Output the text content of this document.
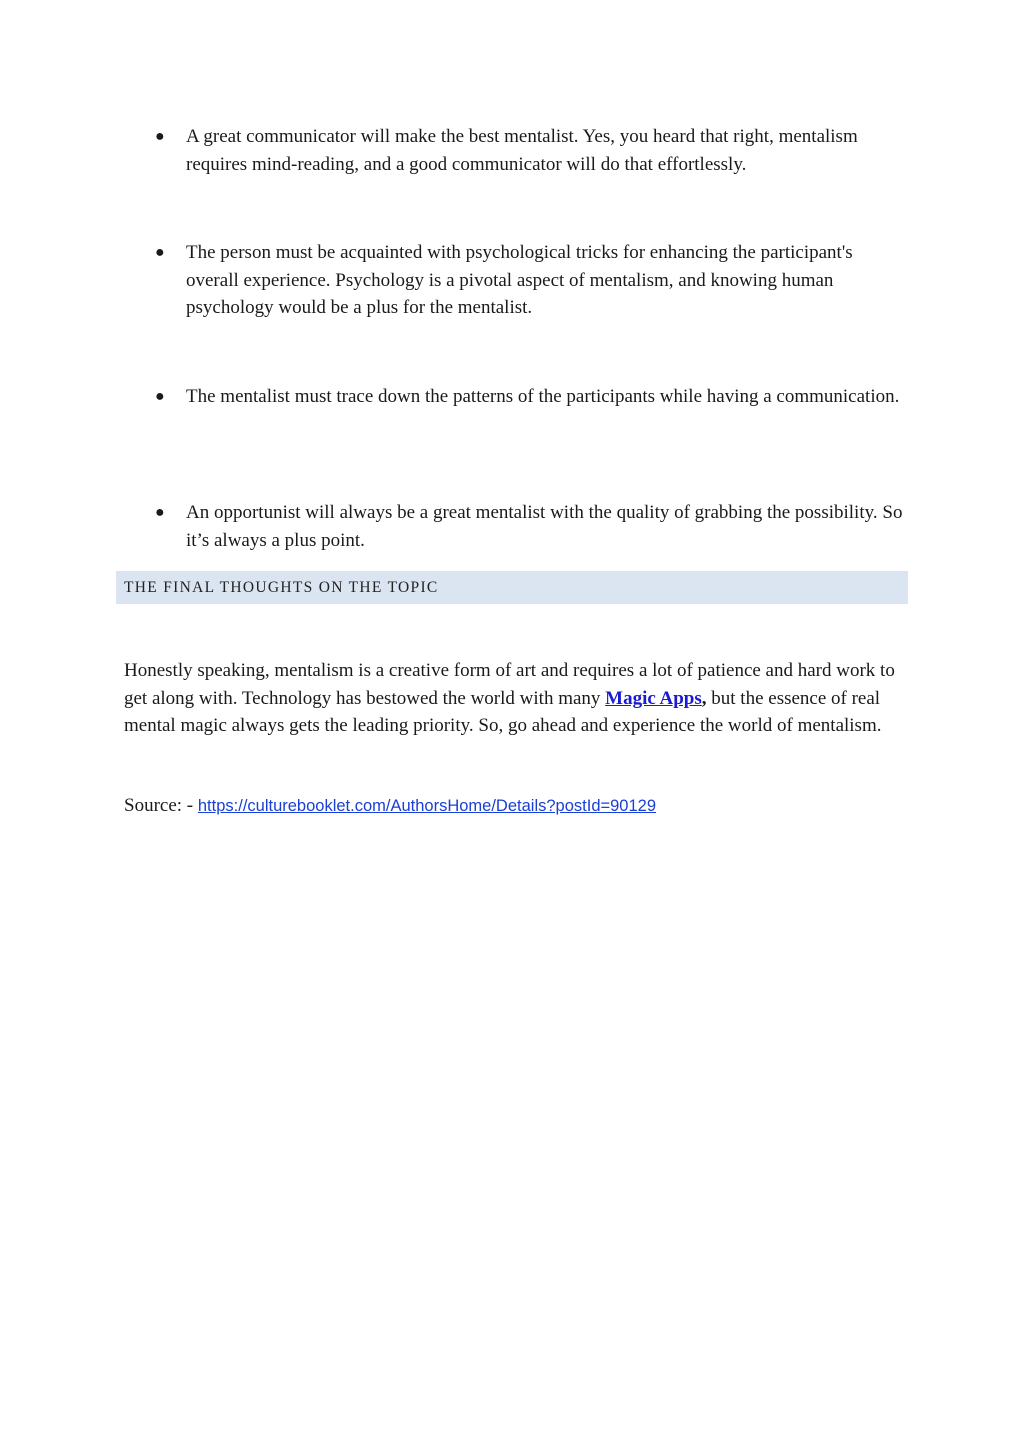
●	A great communicator will make the best mentalist. Yes, you heard that right, mentalism requires mind-reading, and a good communicator will do that effortlessly.
●	The person must be acquainted with psychological tricks for enhancing the participant's overall experience. Psychology is a pivotal aspect of mentalism, and knowing human psychology would be a plus for the mentalist.
●	The mentalist must trace down the patterns of the participants while having a communication.
●	An opportunist will always be a great mentalist with the quality of grabbing the possibility. So it’s always a plus point.
THE FINAL THOUGHTS ON THE TOPIC
Honestly speaking, mentalism is a creative form of art and requires a lot of patience and hard work to get along with. Technology has bestowed the world with many Magic Apps, but the essence of real mental magic always gets the leading priority. So, go ahead and experience the world of mentalism.
Source: - https://culturebooklet.com/AuthorsHome/Details?postId=90129
